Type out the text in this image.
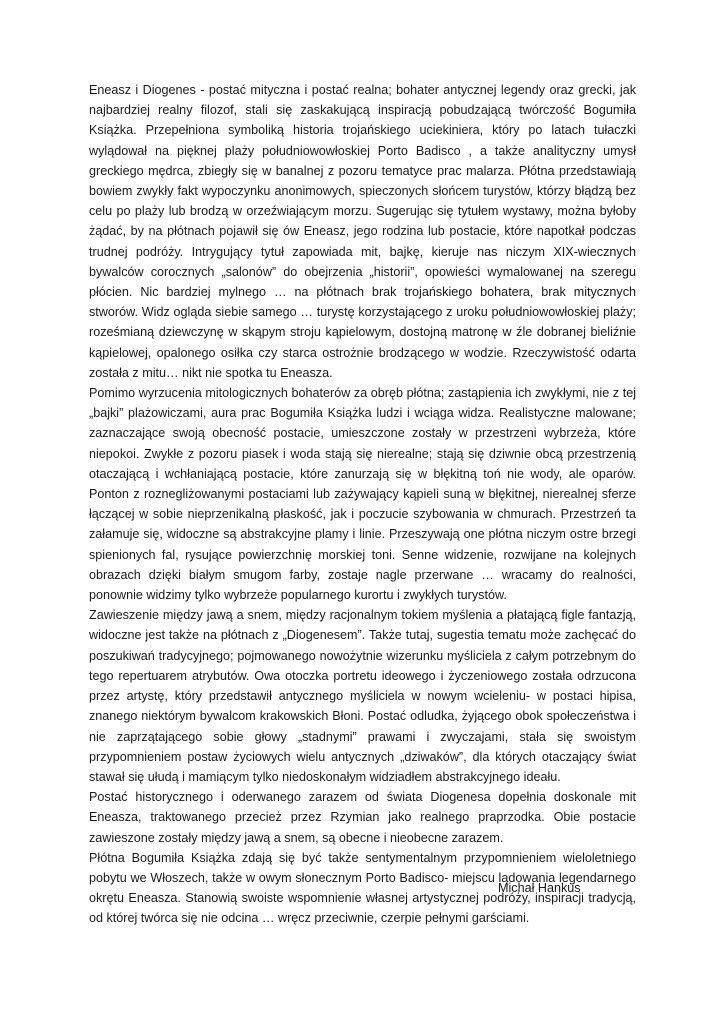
Eneasz i Diogenes - postać mityczna i postać realna; bohater antycznej legendy oraz grecki, jak najbardziej realny filozof, stali się zaskakującą inspiracją pobudzającą twórczość Bogumiła Książka. Przepełniona symboliką historia trojańskiego uciekiniera, który po latach tułaczki wylądował na pięknej plaży południowowłoskiej Porto Badisco , a także analityczny umysł greckiego mędrca, zbiegły się w banalnej z pozoru tematyce prac malarza. Płótna przedstawiają bowiem zwykły fakt wypoczynku anonimowych, spieczonych słońcem turystów, którzy błądzą bez celu po plaży lub brodzą w orzeźwiającym morzu. Sugerując się tytułem wystawy, można byłoby żądać, by na płótnach pojawił się ów Eneasz, jego rodzina lub postacie, które napotkał podczas trudnej podróży. Intrygujący tytuł zapowiada mit, bajkę, kieruje nas niczym XIX-wiecznych bywalców corocznych „salonów” do obejrzenia „historii”, opowieści wymalowanej na szeregu płócien. Nic bardziej mylnego … na płótnach brak trojańskiego bohatera, brak mitycznych stworów. Widz ogląda siebie samego … turystę korzystającego z uroku południowowłoskiej plaży; roześmianą dziewczynę w skąpym stroju kąpielowym, dostojną matronę w źle dobranej bieliźnie kąpielowej, opalonego osiłka czy starca ostrożnie brodzącego w wodzie. Rzeczywistość odarta została z mitu… nikt nie spotka tu Eneasza.

Pomimo wyrzucenia mitologicznych bohaterów za obręb płótna; zastąpienia ich zwykłymi, nie z tej „bajki” plażowiczami, aura prac Bogumiła Książka ludzi i wciąga widza. Realistyczne malowane; zaznaczające swoją obecność postacie, umieszczone zostały w przestrzeni wybrzeża, które niepokoi. Zwykłe z pozoru piasek i woda stają się nierealne; stają się dziwnie obcą przestrzenią otaczającą i wchłaniającą postacie, które zanurzają się w błękitną toń nie wody, ale oparów. Ponton z roznegliżowanymi postaciami lub zażywający kąpieli suną w błękitnej, nierealnej sferze łączącej w sobie nieprzenikalną płaskość, jak i poczucie szybowania w chmurach. Przestrzeń ta załamuje się, widoczne są abstrakcyjne plamy i linie. Przeszywają one płótna niczym ostre brzegi spienionych fal, rysujące powierzchnię morskiej toni. Senne widzenie, rozwijane na kolejnych obrazach dzięki białym smugom farby, zostaje nagle przerwane … wracamy do realności, ponownie widzimy tylko wybrzeże popularnego kurortu i zwykłych turystów.

Zawieszenie między jawą a snem, między racjonalnym tokiem myślenia a płatającą figle fantazją, widoczne jest także na płótnach z „Diogenesem”. Także tutaj, sugestia tematu może zachęcać do poszukiwań tradycyjnego; pojmowanego nowożytnie wizerunku myśliciela z całym potrzebnym do tego repertuarem atrybutów. Owa otoczka portretu ideowego i życzeniowego została odrzucona przez artystę, który przedstawił antycznego myśliciela w nowym wcieleniu- w postaci hipisa, znanego niektórym bywalcom krakowskich Błoni. Postać odludka, żyjącego obok społeczeństwa i nie zaprzątającego sobie głowy „stadnymi” prawami i zwyczajami, stała się swoistym przypomnieniem postaw życiowych wielu antycznych „dziwaków”, dla których otaczający świat stawał się ułudą i mamiącym tylko niedoskonałym widziadłem abstrakcyjnego ideału.

Postać historycznego i oderwanego zarazem od świata Diogenesa dopełnia doskonale mit Eneasza, traktowanego przecież przez Rzymian jako realnego praprzodka. Obie postacie zawieszone zostały między jawą a snem, są obecne i nieobecne zarazem.

Płótna Bogumiła Książka zdają się być także sentymentalnym przypomnieniem wieloletniego pobytu we Włoszech, także w owym słonecznym Porto Badisco- miejscu lądowania legendarnego okrętu Eneasza. Stanowią swoiste wspomnienie własnej artystycznej podróży, inspiracji tradycją, od której twórca się nie odcina … wręcz przeciwnie, czerpie pełnymi garściami.

Michał Hankus
